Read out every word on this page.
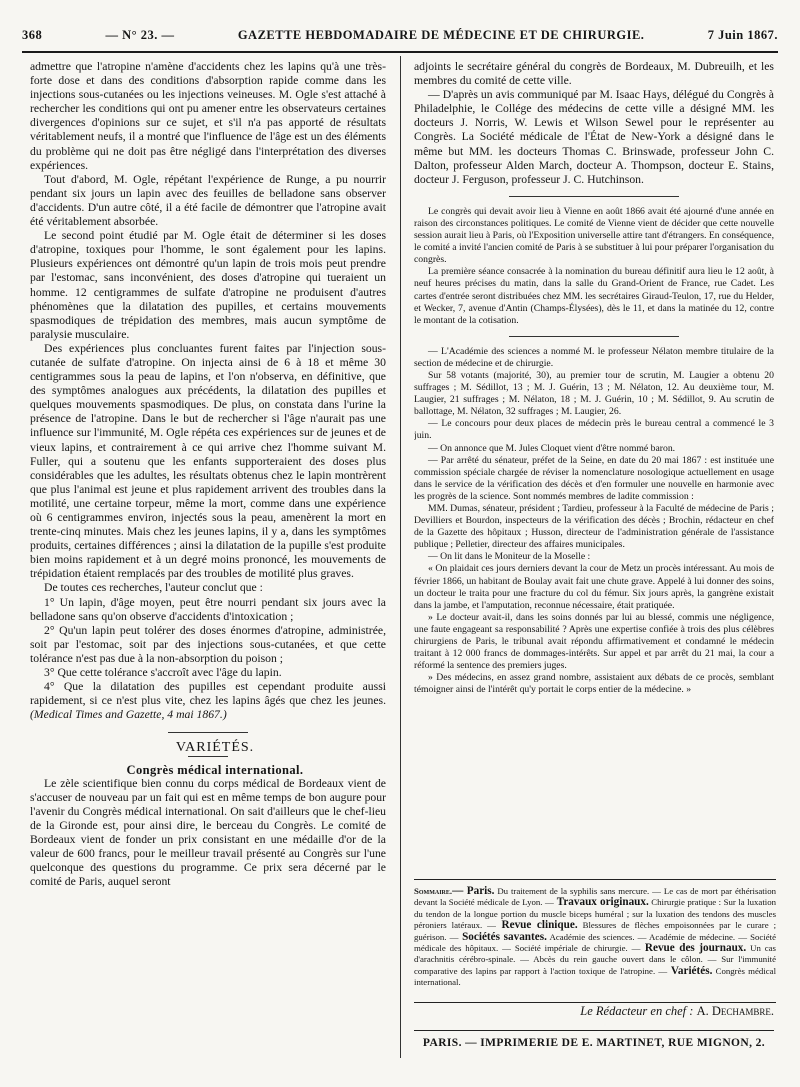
368	— N° 23. —	GAZETTE HEBDOMADAIRE DE MÉDECINE ET DE CHIRURGIE.	7 Juin 1867.

admettre que l'atropine n'amène d'accidents chez les lapins qu'à une très-forte dose et dans des conditions d'absorption rapide comme dans les injections sous-cutanées ou les injections veineuses. M. Ogle s'est attaché à rechercher les conditions qui ont pu amener entre les observateurs certaines divergences d'opinions sur ce sujet, et s'il n'a pas apporté de résultats véritablement neufs, il a montré que l'influence de l'âge est un des éléments du problème qui ne doit pas être négligé dans l'interprétation des diverses expériences.

Tout d'abord, M. Ogle, répétant l'expérience de Runge, a pu nourrir pendant six jours un lapin avec des feuilles de belladone sans observer d'accidents. D'un autre côté, il a été facile de démontrer que l'atropine avait été véritablement absorbée.

Le second point étudié par M. Ogle était de déterminer si les doses d'atropine, toxiques pour l'homme, le sont également pour les lapins. Plusieurs expériences ont démontré qu'un lapin de trois mois peut prendre par l'estomac, sans inconvénient, des doses d'atropine qui tueraient un homme. 12 centigrammes de sulfate d'atropine ne produisent d'autres phénomènes que la dilatation des pupilles, et certains mouvements spasmodiques de trépidation des membres, mais aucun symptôme de paralysie musculaire.

Des expériences plus concluantes furent faites par l'injection sous-cutanée de sulfate d'atropine. On injecta ainsi de 6 à 18 et même 30 centigrammes sous la peau de lapins, et l'on n'observa, en définitive, que des symptômes analogues aux précédents, la dilatation des pupilles et quelques mouvements spasmodiques. De plus, on constata dans l'urine la présence de l'atropine. Dans le but de rechercher si l'âge n'aurait pas une influence sur l'immunité, M. Ogle répéta ces expériences sur de jeunes et de vieux lapins, et contrairement à ce qui arrive chez l'homme suivant M. Fuller, qui a soutenu que les enfants supporteraient des doses plus considérables que les adultes, les résultats obtenus chez le lapin montrèrent que plus l'animal est jeune et plus rapidement arrivent des troubles dans la motilité, une certaine torpeur, même la mort, comme dans une expérience où 6 centigrammes environ, injectés sous la peau, amenèrent la mort en trente-cinq minutes. Mais chez les jeunes lapins, il y a, dans les symptômes produits, certaines différences ; ainsi la dilatation de la pupille s'est produite bien moins rapidement et à un degré moins prononcé, les mouvements de trépidation étaient remplacés par des troubles de motilité plus graves.

De toutes ces recherches, l'auteur conclut que :

1° Un lapin, d'âge moyen, peut être nourri pendant six jours avec la belladone sans qu'on observe d'accidents d'intoxication ;

2° Qu'un lapin peut tolérer des doses énormes d'atropine, administrée, soit par l'estomac, soit par des injections sous-cutanées, et que cette tolérance n'est pas due à la non-absorption du poison ;

3° Que cette tolérance s'accroît avec l'âge du lapin.

4° Que la dilatation des pupilles est cependant produite aussi rapidement, si ce n'est plus vite, chez les lapins âgés que chez les jeunes. (Medical Times and Gazette, 4 mai 1867.)

VARIÉTÉS.

Congrès médical international.

Le zèle scientifique bien connu du corps médical de Bordeaux vient de s'accuser de nouveau par un fait qui est en même temps de bon augure pour l'avenir du Congrès médical international. On sait d'ailleurs que le chef-lieu de la Gironde est, pour ainsi dire, le berceau du Congrès. Le comité de Bordeaux vient de fonder un prix consistant en une médaille d'or de la valeur de 600 francs, pour le meilleur travail présenté au Congrès sur l'une quelconque des questions du programme. Ce prix sera décerné par le comité de Paris, auquel seront

adjoints le secrétaire général du congrès de Bordeaux, M. Dubreuilh, et les membres du comité de cette ville.

— D'après un avis communiqué par M. Isaac Hays, délégué du Congrès à Philadelphie, le Collége des médecins de cette ville a désigné MM. les docteurs J. Norris, W. Lewis et Wilson Sewel pour le représenter au Congrès. La Société médicale de l'État de New-York a désigné dans le même but MM. les docteurs Thomas C. Brinswade, professeur John C. Dalton, professeur Alden March, docteur A. Thompson, docteur E. Stains, docteur J. Ferguson, professeur J. C. Hutchinson.

Le congrès qui devait avoir lieu à Vienne en août 1866 avait été ajourné d'une année en raison des circonstances politiques. Le comité de Vienne vient de décider que cette nouvelle session aurait lieu à Paris, où l'Exposition universelle attire tant d'étrangers. En conséquence, le comité a invité l'ancien comité de Paris à se substituer à lui pour préparer l'organisation du congrès.

La première séance consacrée à la nomination du bureau définitif aura lieu le 12 août, à neuf heures précises du matin, dans la salle du Grand-Orient de France, rue Cadet. Les cartes d'entrée seront distribuées chez MM. les secrétaires Giraud-Teulon, 17, rue du Helder, et Wecker, 7, avenue d'Antin (Champs-Élysées), dès le 11, et dans la matinée du 12, contre le montant de la cotisation.

— L'Académie des sciences a nommé M. le professeur Nélaton membre titulaire de la section de médecine et de chirurgie.

Sur 58 votants (majorité, 30), au premier tour de scrutin, M. Laugier a obtenu 20 suffrages ; M. Sédillot, 13 ; M. J. Guérin, 13 ; M. Nélaton, 12. Au deuxième tour, M. Laugier, 21 suffrages ; M. Nélaton, 18 ; M. J. Guérin, 10 ; M. Sédillot, 9. Au scrutin de ballottage, M. Nélaton, 32 suffrages ; M. Laugier, 26.

— Le concours pour deux places de médecin près le bureau central a commencé le 3 juin.

— On annonce que M. Jules Cloquet vient d'être nommé baron.

— Par arrêté du sénateur, préfet de la Seine, en date du 20 mai 1867 : est instituée une commission spéciale chargée de réviser la nomenclature nosologique actuellement en usage dans le service de la vérification des décès et d'en formuler une nouvelle en harmonie avec les progrès de la science. Sont nommés membres de ladite commission :

MM. Dumas, sénateur, président ; Tardieu, professeur à la Faculté de médecine de Paris ; Devilliers et Bourdon, inspecteurs de la vérification des décès ; Brochin, rédacteur en chef de la Gazette des hôpitaux ; Husson, directeur de l'administration générale de l'assistance publique ; Pelletier, directeur des affaires municipales.

— On lit dans le Moniteur de la Moselle :

« On plaidait ces jours derniers devant la cour de Metz un procès intéressant. Au mois de février 1866, un habitant de Boulay avait fait une chute grave. Appelé à lui donner des soins, un docteur le traita pour une fracture du col du fémur. Six jours après, la gangrène existait dans la jambe, et l'amputation, reconnue nécessaire, était pratiquée.

» Le docteur avait-il, dans les soins donnés par lui au blessé, commis une négligence, une faute engageant sa responsabilité ? Après une expertise confiée à trois des plus célèbres chirurgiens de Paris, le tribunal avait répondu affirmativement et condamné le médecin traitant à 12 000 francs de dommages-intérêts. Sur appel et par arrêt du 21 mai, la cour a réformé la sentence des premiers juges.

» Des médecins, en assez grand nombre, assistaient aux débats de ce procès, semblant témoigner ainsi de l'intérêt qu'y portait le corps entier de la médecine. »

Sommaire.— Paris. Du traitement de la syphilis sans mercure. — Le cas de mort par éthérisation devant la Société médicale de Lyon. — Travaux originaux. Chirurgie pratique : Sur la luxation du tendon de la longue portion du muscle biceps huméral ; sur la luxation des tendons des muscles péroniers latéraux. — Revue clinique. Blessures de flèches empoisonnées par le curare ; guérison. — Sociétés savantes. Académie des sciences. — Académie de médecine. — Société médicale des hôpitaux. — Société impériale de chirurgie. — Revue des journaux. Un cas d'arachnitis cérébro-spinale. — Abcès du rein gauche ouvert dans le côlon. — Sur l'immunité comparative des lapins par rapport à l'action toxique de l'atropine. — Variétés. Congrès médical international.
Le Rédacteur en chef : A. Dechambre.
PARIS. — IMPRIMERIE DE E. MARTINET, RUE MIGNON, 2.
